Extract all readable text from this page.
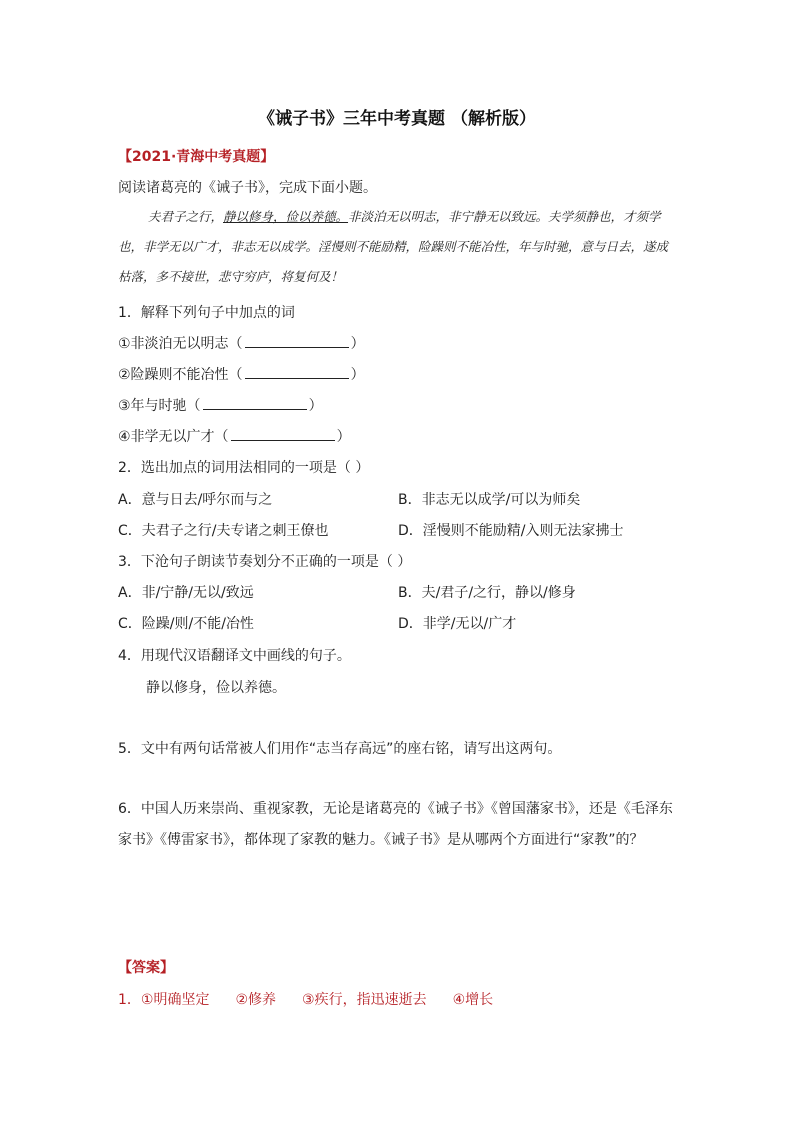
《诫子书》三年中考真题 （解析版）
【2021·青海中考真题】
阅读诸葛亮的《诫子书》，完成下面小题。
夫君子之行，静以修身，俭以养德。非淡泊无以明志，非宁静无以致远。夫学须静也，才须学也，非学无以广才，非志无以成学。淫慢则不能励精，险躁则不能冶性，年与时驰，意与日去，遂成枯落，多不接世，悲守穷庐，将复何及！
1．解释下列句子中加点的词
①非淡泊无以明志（	）
②险躁则不能冶性（	）
③年与时驰（	）
④非学无以广才（	）
2．选出加点的词用法相同的一项是（ ）
A．意与日去/呼尔而与之	B．非志无以成学/可以为师矣
C．夫君子之行/夫专诸之刺王僚也	D．淫慢则不能励精/入则无法家拂士
3．下沧句子朗读节奏划分不正确的一项是（ ）
A．非/宁静/无以/致远	B．夫/君子/之行，静以/修身
C．险躁/则/不能/冶性	D．非学/无以/广才
4．用现代汉语翻译文中画线的句子。
静以修身，俭以养德。
5．文中有两句话常被人们用作“志当存高远”的座右铭，请写出这两句。
6．中国人历来崇尚、重视家教，无论是诸葛亮的《诫子书》《曾国藩家书》，还是《毛泽东家书》《傅雷家书》，都体现了家教的魅力。《诫子书》是从哪两个方面进行“家教”的？
【答案】
1．①明确坚定 ②修养 ③疾行，指迅速逝去 ④增长
